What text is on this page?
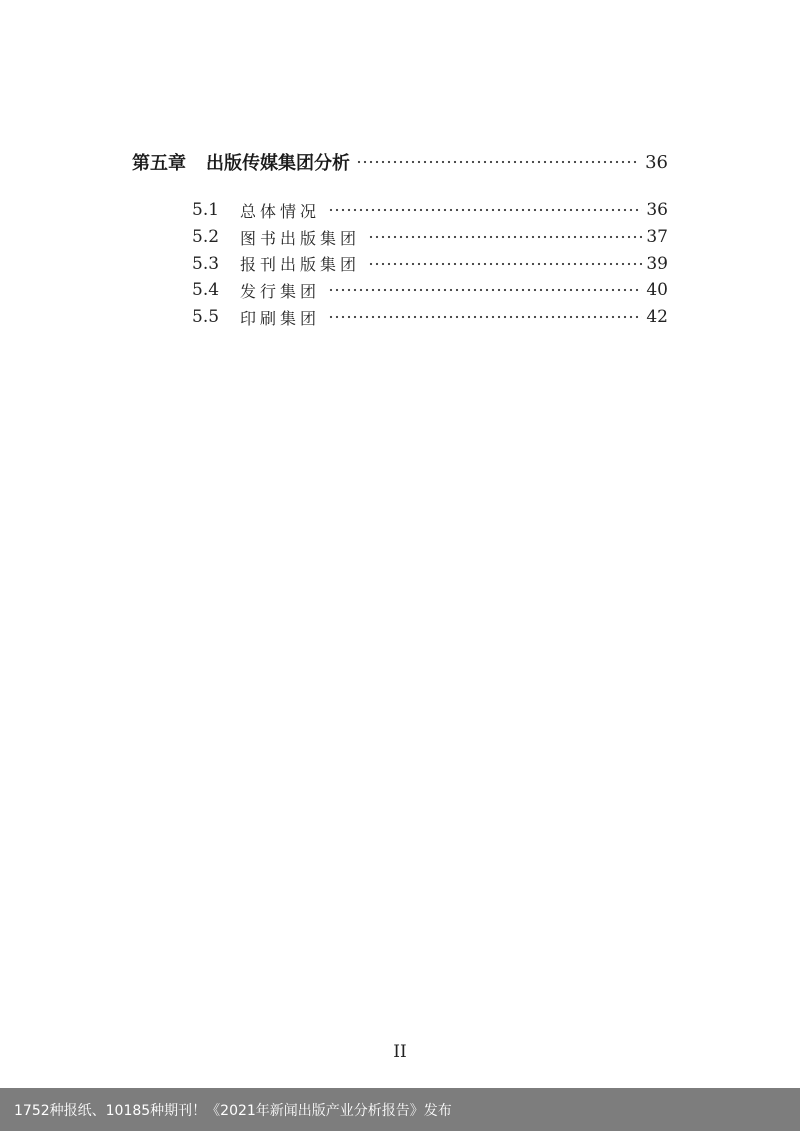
第五章 出版传媒集团分析	36
5.1	总体情况	36
5.2	图书出版集团	37
5.3	报刊出版集团	39
5.4	发行集团	40
5.5	印刷集团	42
II
1752种报纸、10185种期刊！《2021年新闻出版产业分析报告》发布
